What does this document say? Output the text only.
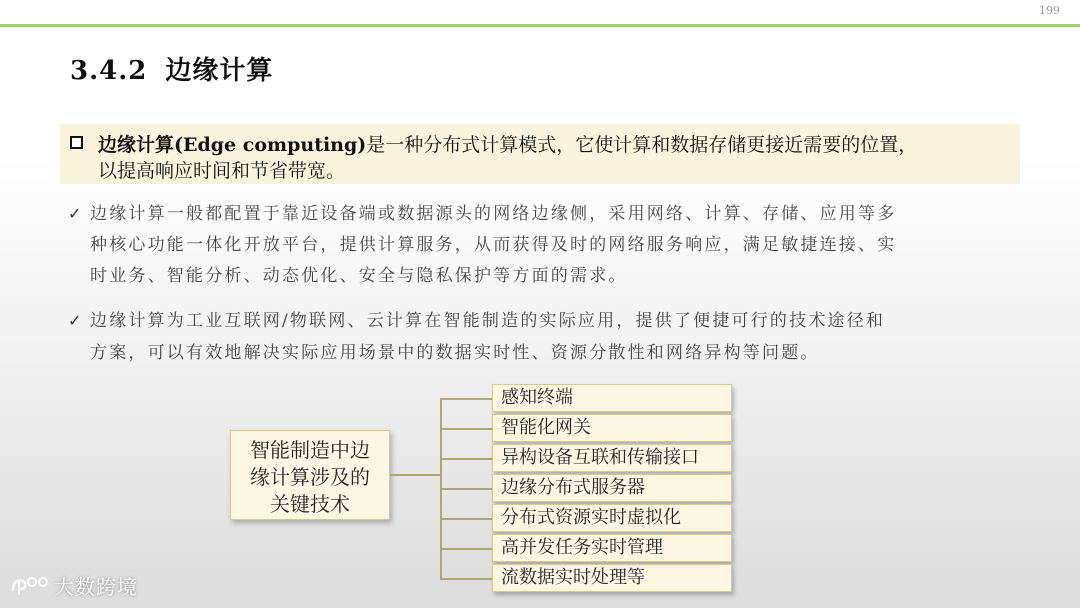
199
3.4.2 边缘计算
边缘计算(Edge computing)是一种分布式计算模式，它使计算和数据存储更接近需要的位置，
以提高响应时间和节省带宽。
✓ 边缘计算一般都配置于靠近设备端或数据源头的网络边缘侧，采用网络、计算、存储、应用等多
种核心功能一体化开放平台，提供计算服务，从而获得及时的网络服务响应，满足敏捷连接、实
时业务、智能分析、动态优化、安全与隐私保护等方面的需求。
✓ 边缘计算为工业互联网/物联网、云计算在智能制造的实际应用，提供了便捷可行的技术途径和
方案，可以有效地解决实际应用场景中的数据实时性、资源分散性和网络异构等问题。
智能制造中边
缘计算涉及的
关键技术
感知终端
智能化网关
异构设备互联和传输接口
边缘分布式服务器
分布式资源实时虚拟化
高并发任务实时管理
流数据实时处理等
大数跨境
